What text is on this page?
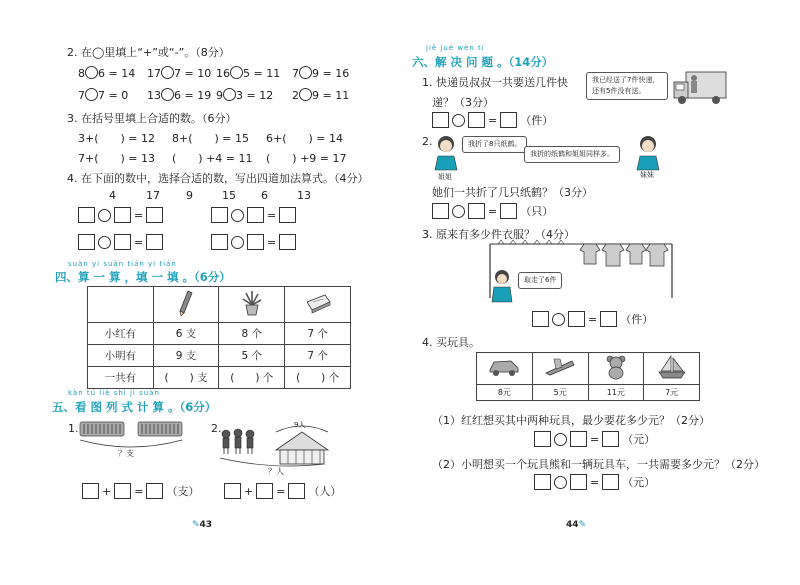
2. 在◯里填上“+”或“-”。（8分）
8 6 = 14 17 7 = 10 16 5 = 11 7 9 = 16
7 7 = 0 13 6 = 19 9 3 = 12 2 9 = 11
3. 在括号里填上合适的数。（6分）
3+(　　) = 12 8+(　　) = 15 6+(　　) = 14
7+(　　) = 13 (　　) +4 = 11 (　　) +9 = 17
4. 在下面的数中，选择合适的数，写出四道加法算式。（4分）
4	17 9	15 6	13
=	=
=	=
suàn yi suàn tián yi tián
四、算 一 算 ，填 一 填 。（6分）

小红有	6 支	8 个	7 个
小明有	9 支	5 个	7 个
一共有	(　　) 支	(　　) 个	(　　) 个
kàn tú liè shì jì suàn
五、看 图 列 式 计 算 。（6分）
1.
？支
+ = （支）
2.	9人
？人
+ = （人）
✎43
jiě jué wèn tí
六、解 决 问 题 。（14分）
1. 快递员叔叔一共要送几件快
递？（3分）
我已经送了7件快递，还有5件没有送。
= （件）
2.	我折了8只纸鹤。
我折的纸鹤和姐姐同样多。
姐姐	妹妹
她们一共折了几只纸鹤？（3分）
= （只）
3. 原来有多少件衣服？（4分）
取走了6件
= （件）
4. 买玩具。

8元	5元	11元	7元
（1）红红想买其中两种玩具，最少要花多少元？（2分）
= （元）
（2）小明想买一个玩具熊和一辆玩具车，一共需要多少元？（2分）
= （元）
44✎
